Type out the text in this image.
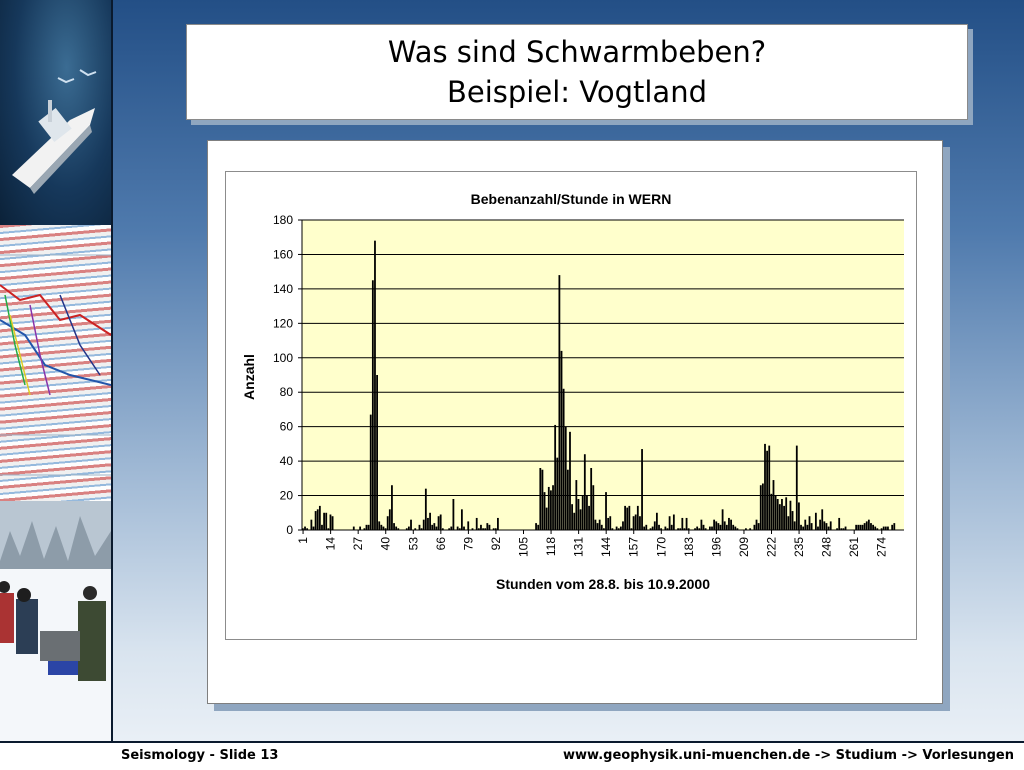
Was sind Schwarmbeben?
Beispiel: Vogtland
Bebenanzahl/Stunde in WERN
0
20
40
60
80
100
120
140
160
180
1 14 27 40 53 66 79 92 105 118 131 144 157 170 183 196 209 222 235 248 261 274
Anzahl
Stunden vom 28.8. bis 10.9.2000
Seismology - Slide 13	www.geophysik.uni-muenchen.de -> Studium -> Vorlesungen
